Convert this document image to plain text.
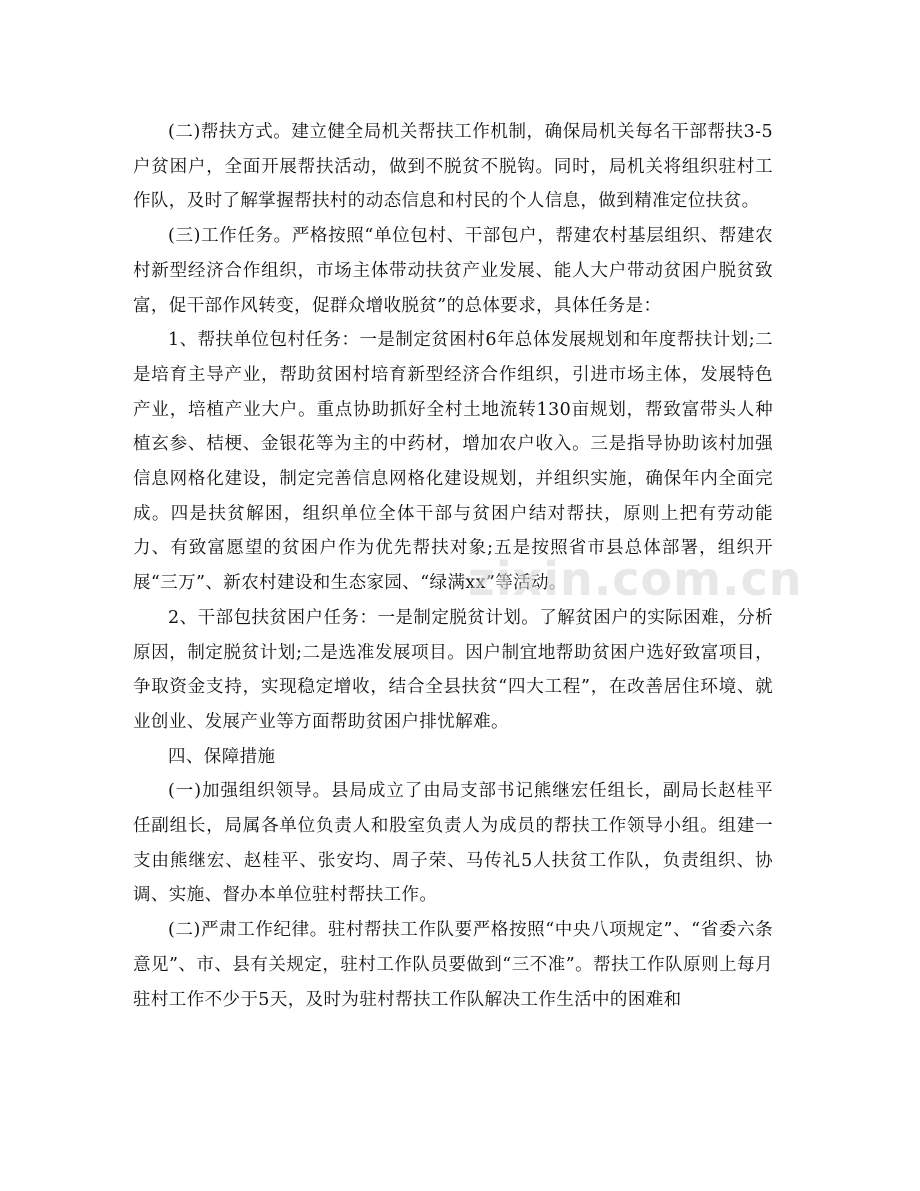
(二)帮扶方式。建立健全局机关帮扶工作机制，确保局机关每名干部帮扶3-5户贫困户，全面开展帮扶活动，做到不脱贫不脱钩。同时，局机关将组织驻村工作队，及时了解掌握帮扶村的动态信息和村民的个人信息，做到精准定位扶贫。

(三)工作任务。严格按照“单位包村、干部包户，帮建农村基层组织、帮建农村新型经济合作组织，市场主体带动扶贫产业发展、能人大户带动贫困户脱贫致富，促干部作风转变，促群众增收脱贫”的总体要求，具体任务是：

1、帮扶单位包村任务：一是制定贫困村6年总体发展规划和年度帮扶计划;二是培育主导产业，帮助贫困村培育新型经济合作组织，引进市场主体，发展特色产业，培植产业大户。重点协助抓好全村土地流转130亩规划，帮致富带头人种植玄参、桔梗、金银花等为主的中药材，增加农户收入。三是指导协助该村加强信息网格化建设，制定完善信息网格化建设规划，并组织实施，确保年内全面完成。四是扶贫解困，组织单位全体干部与贫困户结对帮扶，原则上把有劳动能力、有致富愿望的贫困户作为优先帮扶对象;五是按照省市县总体部署，组织开展“三万”、新农村建设和生态家园、“绿满xx”等活动。

2、干部包扶贫困户任务：一是制定脱贫计划。了解贫困户的实际困难，分析原因，制定脱贫计划;二是选准发展项目。因户制宜地帮助贫困户选好致富项目，争取资金支持，实现稳定增收，结合全县扶贫“四大工程”，在改善居住环境、就业创业、发展产业等方面帮助贫困户排忧解难。

四、保障措施

(一)加强组织领导。县局成立了由局支部书记熊继宏任组长，副局长赵桂平任副组长，局属各单位负责人和股室负责人为成员的帮扶工作领导小组。组建一支由熊继宏、赵桂平、张安均、周子荣、马传礼5人扶贫工作队，负责组织、协调、实施、督办本单位驻村帮扶工作。

(二)严肃工作纪律。驻村帮扶工作队要严格按照“中央八项规定”、“省委六条意见”、市、县有关规定，驻村工作队员要做到“三不准”。帮扶工作队原则上每月驻村工作不少于5天，及时为驻村帮扶工作队解决工作生活中的困难和

zixin.com.cn
